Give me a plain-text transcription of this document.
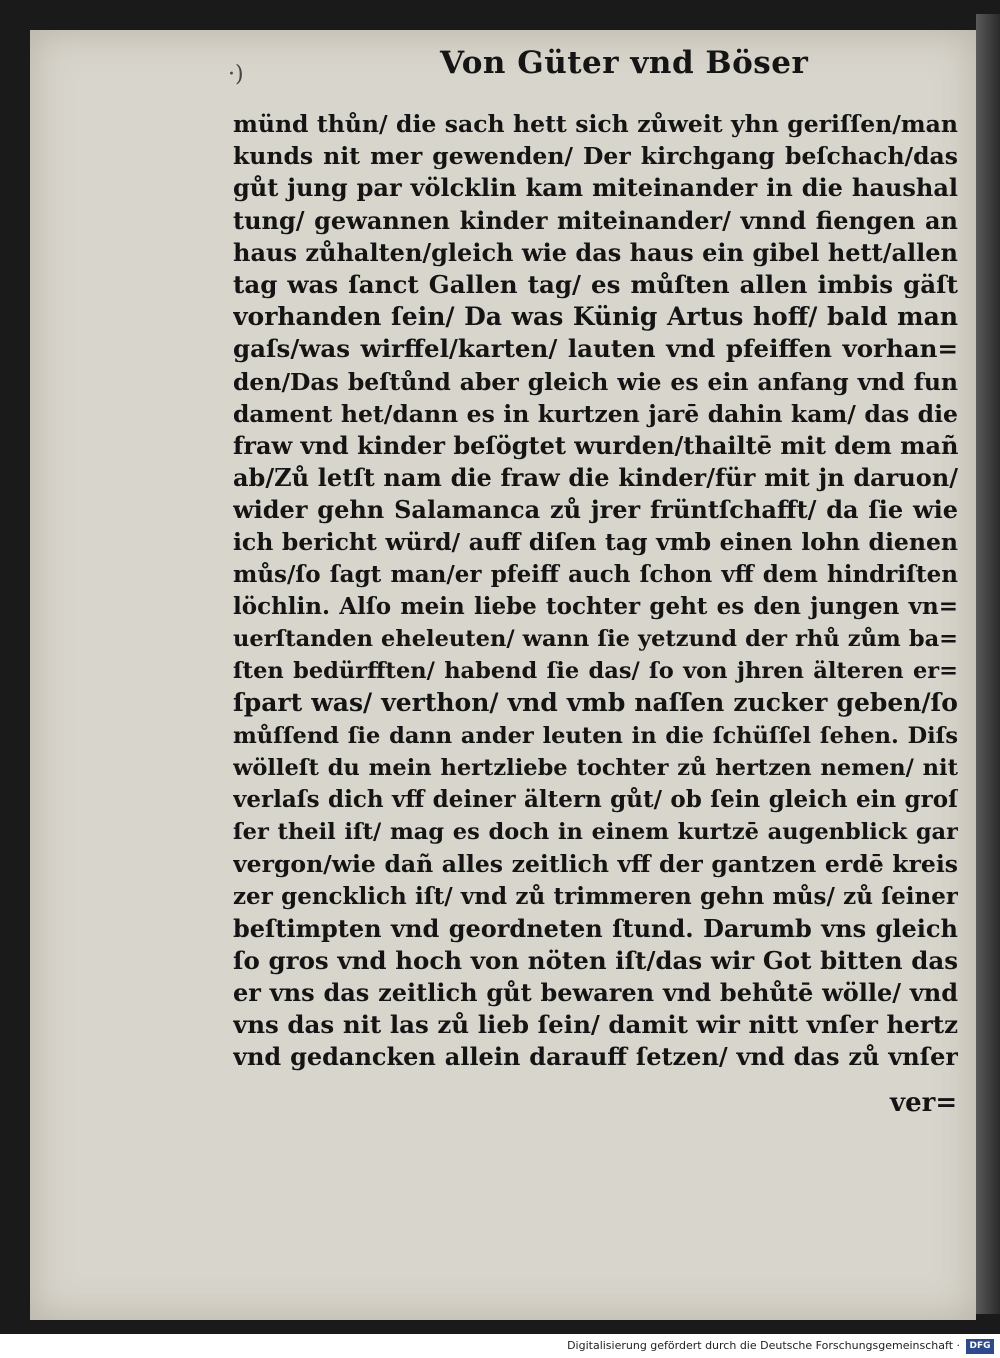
·)	Von Güter vnd Böser
münd thůn/ die sach hett sich zůweit yhn geriſſen/man
kunds nit mer gewenden/ Der kirchgang beſchach/das
gůt jung par völcklin kam miteinander in die haushal
tung/ gewannen kinder miteinander/ vnnd fiengen an
haus zůhalten/gleich wie das haus ein gibel hett/allen
tag was ſanct Gallen tag/ es můſten allen imbis gäſt
vorhanden ſein/ Da was Künig Artus hoff/ bald man
gaſs/was wirffel/karten/ lauten vnd pfeiffen vorhan=
den/Das beſtůnd aber gleich wie es ein anfang vnd fun
dament het/dann es in kurtzen jarē dahin kam/ das die
fraw vnd kinder beſögtet wurden/thailtē mit dem mañ
ab/Zů letſt nam die fraw die kinder/für mit jn daruon/
wider gehn Salamanca zů jrer früntſchafft/ da ſie wie
ich bericht würd/ auff diſen tag vmb einen lohn dienen
můs/ſo ſagt man/er pfeiff auch ſchon vff dem hindriſten
löchlin. Alſo mein liebe tochter geht es den jungen vn=
uerſtanden eheleuten/ wann ſie yetzund der rhů zům ba=
ſten bedürfften/ habend ſie das/ ſo von jhren älteren er=
ſpart was/ verthon/ vnd vmb naſſen zucker geben/ſo
můſſend ſie dann ander leuten in die ſchüſſel ſehen. Diſs
wölleſt du mein hertzliebe tochter zů hertzen nemen/ nit
verlaſs dich vff deiner ältern gůt/ ob ſein gleich ein groſ
ſer theil iſt/ mag es doch in einem kurtzē augenblick gar
vergon/wie dañ alles zeitlich vff der gantzen erdē kreis
zer gencklich iſt/ vnd zů trimmeren gehn můs/ zů ſeiner
beſtimpten vnd geordneten ſtund. Darumb vns gleich
ſo gros vnd hoch von nöten iſt/das wir Got bitten das
er vns das zeitlich gůt bewaren vnd behůtē wölle/ vnd
vns das nit las zů lieb ſein/ damit wir nitt vnſer hertz
vnd gedancken allein darauff ſetzen/ vnd das zů vnſer
ver=
Digitalisierung gefördert durch die Deutsche Forschungsgemeinschaft ·	DFG
